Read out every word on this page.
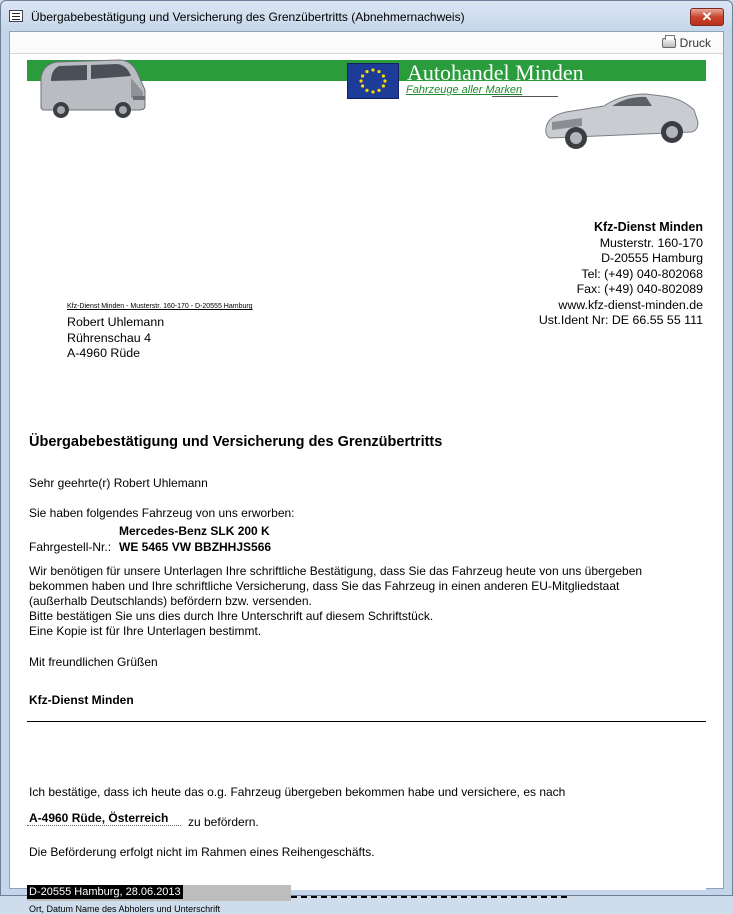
Übergabebestätigung und Versicherung des Grenzübertritts (Abnehmernachweis)	✕
Druck
Autohandel Minden
Fahrzeuge aller Marken
Kfz-Dienst Minden
Musterstr. 160-170
D-20555 Hamburg
Tel: (+49) 040-802068
Fax: (+49) 040-802089
www.kfz-dienst-minden.de
Ust.Ident Nr: DE 66.55 55 111
Kfz-Dienst Minden - Musterstr. 160-170 - D-20555 Hamburg
Robert Uhlemann
Rührenschau 4
A-4960 Rüde
Übergabebestätigung und Versicherung des Grenzübertritts
Sehr geehrte(r) Robert Uhlemann
Sie haben folgendes Fahrzeug von uns erworben:
Mercedes-Benz SLK 200 K
Fahrgestell-Nr.: WE 5465 VW BBZHHJS566
Wir benötigen für unsere Unterlagen Ihre schriftliche Bestätigung, dass Sie das Fahrzeug heute von uns übergeben
bekommen haben und Ihre schriftliche Versicherung, dass Sie das Fahrzeug in einen anderen EU-Mitgliedstaat
(außerhalb Deutschlands) befördern bzw. versenden.
Bitte bestätigen Sie uns dies durch Ihre Unterschrift auf diesem Schriftstück.
Eine Kopie ist für Ihre Unterlagen bestimmt.
Mit freundlichen Grüßen
Kfz-Dienst Minden
Ich bestätige, dass ich heute das o.g. Fahrzeug übergeben bekommen habe und versichere, es nach
A-4960 Rüde, Österreich zu befördern.
Die Beförderung erfolgt nicht im Rahmen eines Reihengeschäfts.
D-20555 Hamburg, 28.06.2013
Ort, Datum Name des Abholers und Unterschrift
